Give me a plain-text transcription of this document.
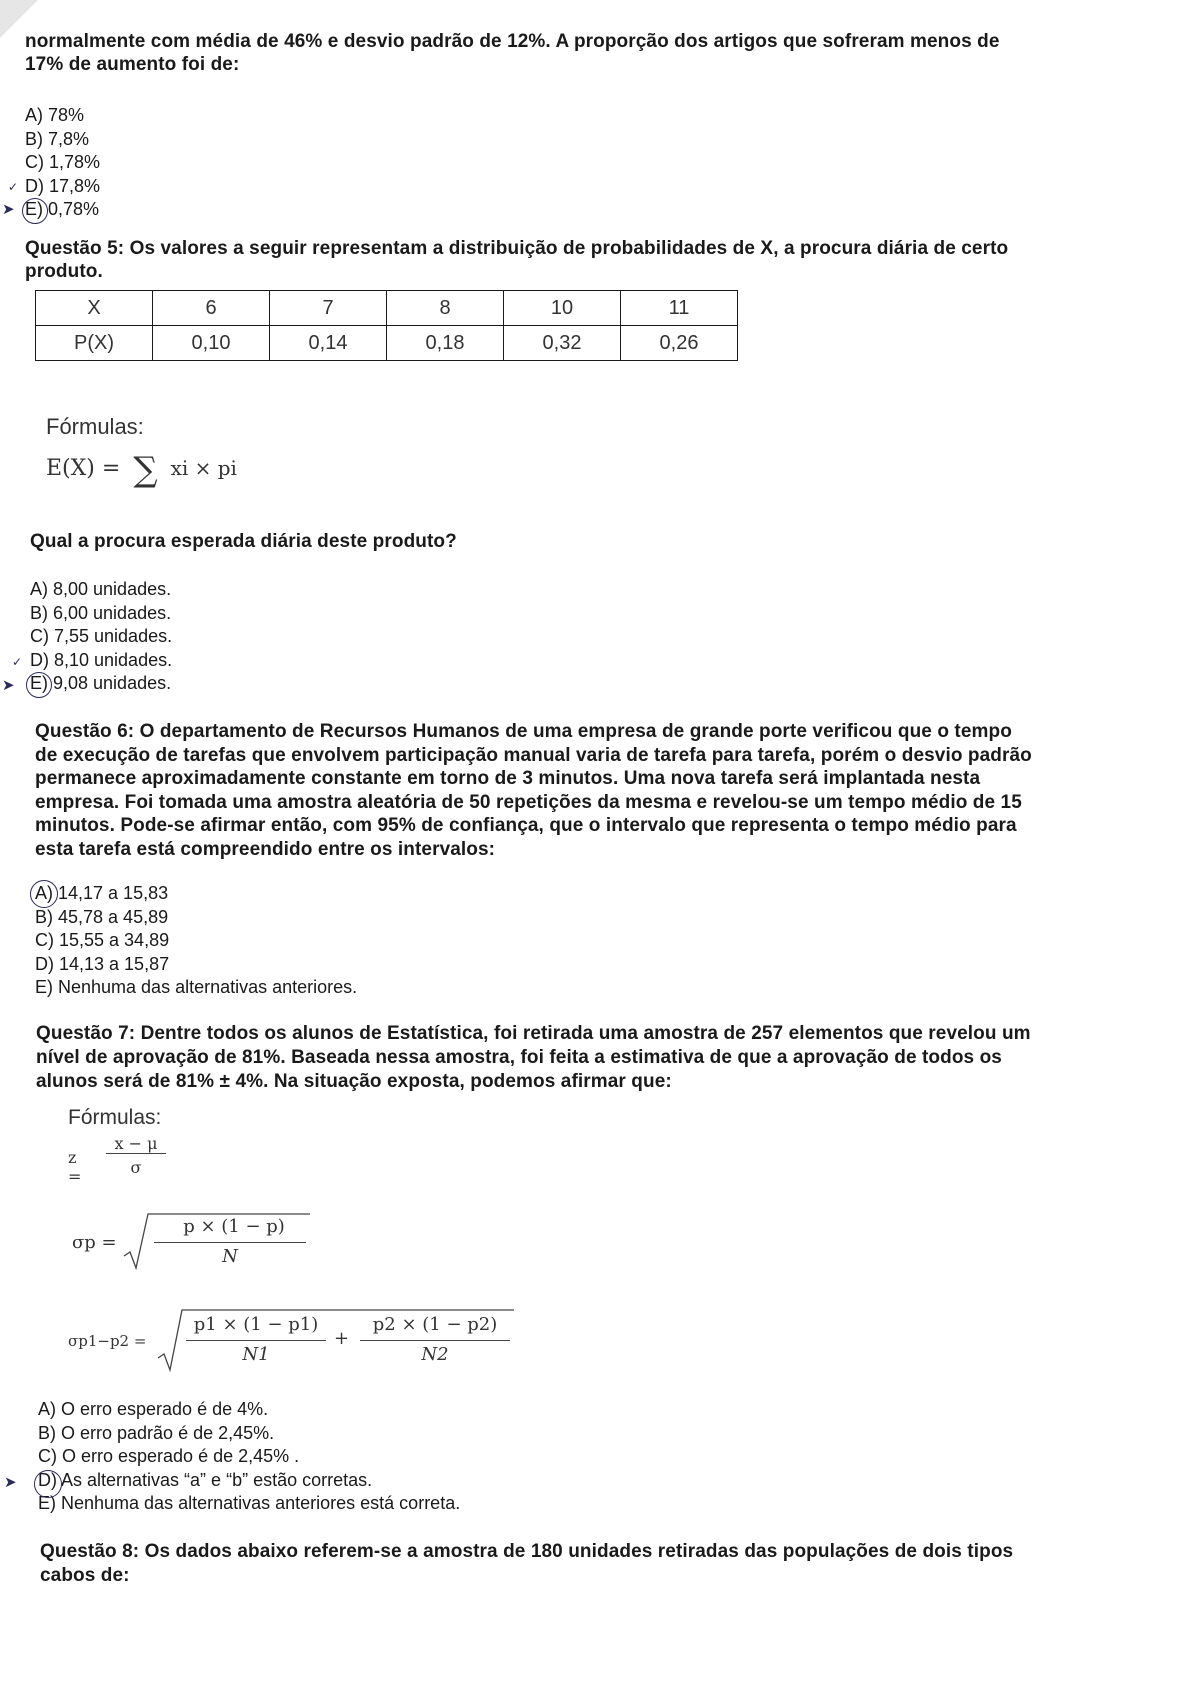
normalmente com média de 46% e desvio padrão de 12%. A proporção dos artigos que sofreram menos de
17% de aumento foi de:
A) 78%
B) 7,8%
C) 1,78%
D) 17,8%
E) 0,78%
✓
➤
Questão 5: Os valores a seguir representam a distribuição de probabilidades de X, a procura diária de certo
produto.
X	6	7	8	10	11
P(X)	0,10	0,14	0,18	0,32	0,26
Fórmulas:
E(X) = ∑ xi × pi
Qual a procura esperada diária deste produto?
A) 8,00 unidades.
B) 6,00 unidades.
C) 7,55 unidades.
D) 8,10 unidades.
E) 9,08 unidades.
✓
➤
Questão 6: O departamento de Recursos Humanos de uma empresa de grande porte verificou que o tempo
de execução de tarefas que envolvem participação manual varia de tarefa para tarefa, porém o desvio padrão
permanece aproximadamente constante em torno de 3 minutos. Uma nova tarefa será implantada nesta
empresa. Foi tomada uma amostra aleatória de 50 repetições da mesma e revelou-se um tempo médio de 15
minutos. Pode-se afirmar então, com 95% de confiança, que o intervalo que representa o tempo médio para
esta tarefa está compreendido entre os intervalos:
A) 14,17 a 15,83
B) 45,78 a 45,89
C) 15,55 a 34,89
D) 14,13 a 15,87
E) Nenhuma das alternativas anteriores.
Questão 7: Dentre todos os alunos de Estatística, foi retirada uma amostra de 257 elementos que revelou um
nível de aprovação de 81%. Baseada nessa amostra, foi feita a estimativa de que a aprovação de todos os
alunos será de 81% ± 4%. Na situação exposta, podemos afirmar que:
Fórmulas:
z =
x − μ
σ
σp =
p × (1 − p)
N
σp1−p2 =
p1 × (1 − p1)
N1
+
p2 × (1 − p2)
N2
A) O erro esperado é de 4%.
B) O erro padrão é de 2,45%.
C) O erro esperado é de 2,45% .
D) As alternativas “a” e “b” estão corretas.
E) Nenhuma das alternativas anteriores está correta.
➤
Questão 8: Os dados abaixo referem-se a amostra de 180 unidades retiradas das populações de dois tipos
cabos de:
